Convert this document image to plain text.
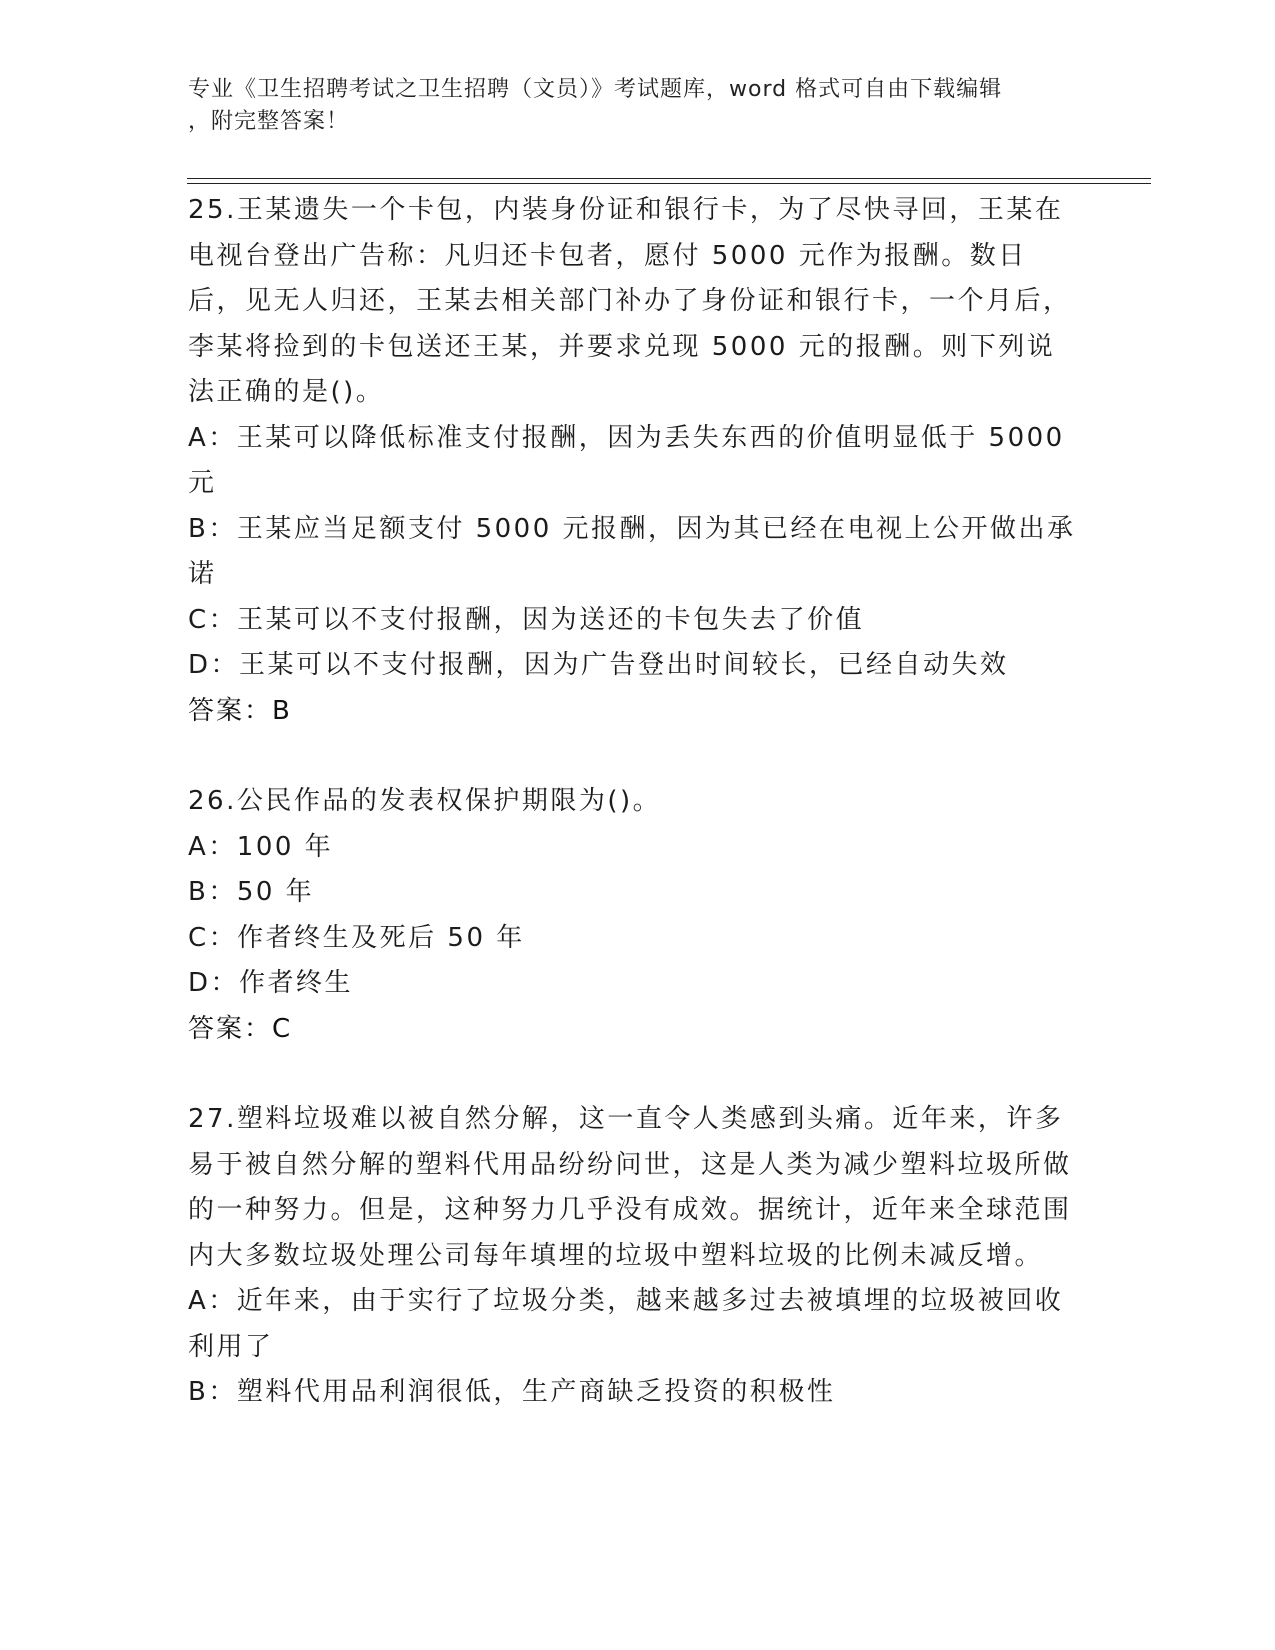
专业《卫生招聘考试之卫生招聘（文员）》考试题库，word 格式可自由下载编辑
，附完整答案！

25.王某遗失一个卡包，内装身份证和银行卡，为了尽快寻回，王某在电视台登出广告称：凡归还卡包者，愿付 5000 元作为报酬。数日后，见无人归还，王某去相关部门补办了身份证和银行卡，一个月后，李某将捡到的卡包送还王某，并要求兑现 5000 元的报酬。则下列说法正确的是()。

A：王某可以降低标准支付报酬，因为丢失东西的价值明显低于 5000 元

B：王某应当足额支付 5000 元报酬，因为其已经在电视上公开做出承诺

C：王某可以不支付报酬，因为送还的卡包失去了价值

D：王某可以不支付报酬，因为广告登出时间较长，已经自动失效

答案：B

26.公民作品的发表权保护期限为()。

A：100 年

B：50 年

C：作者终生及死后 50 年

D：作者终生

答案：C

27.塑料垃圾难以被自然分解，这一直令人类感到头痛。近年来，许多易于被自然分解的塑料代用品纷纷问世，这是人类为减少塑料垃圾所做的一种努力。但是，这种努力几乎没有成效。据统计，近年来全球范围内大多数垃圾处理公司每年填埋的垃圾中塑料垃圾的比例未减反增。

A：近年来，由于实行了垃圾分类，越来越多过去被填埋的垃圾被回收利用了

B：塑料代用品利润很低，生产商缺乏投资的积极性
